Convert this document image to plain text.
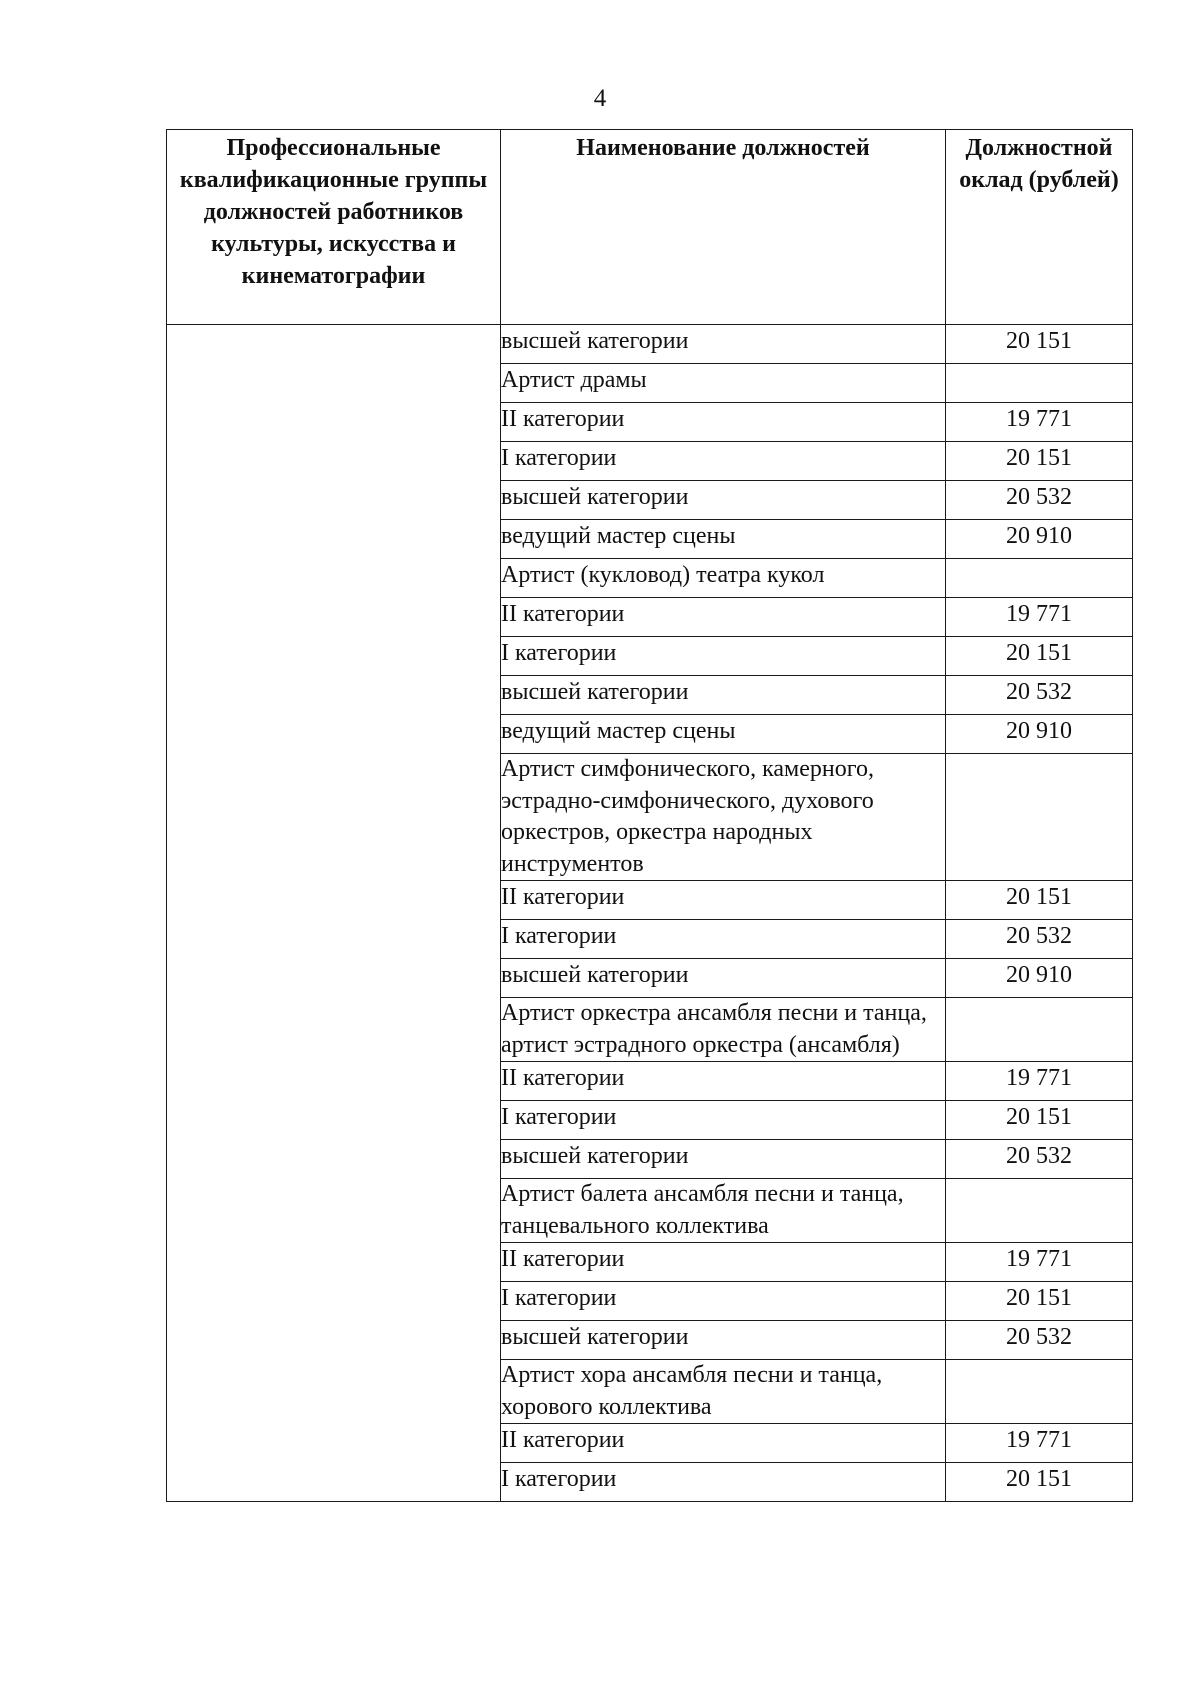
4
Профессиональные квалификационные группы должностей работников культуры, искусства и кинематографии	Наименование должностей	Должностной оклад (рублей)
	высшей категории	20 151
	Артист драмы	
	II категории	19 771
	I категории	20 151
	высшей категории	20 532
	ведущий мастер сцены	20 910
	Артист (кукловод) театра кукол	
	II категории	19 771
	I категории	20 151
	высшей категории	20 532
	ведущий мастер сцены	20 910
	Артист симфонического, камерного, эстрадно-симфонического, духового оркестров, оркестра народных инструментов	
	II категории	20 151
	I категории	20 532
	высшей категории	20 910
	Артист оркестра ансамбля песни и танца, артист эстрадного оркестра (ансамбля)	
	II категории	19 771
	I категории	20 151
	высшей категории	20 532
	Артист балета ансамбля песни и танца, танцевального коллектива	
	II категории	19 771
	I категории	20 151
	высшей категории	20 532
	Артист хора ансамбля песни и танца, хорового коллектива	
	II категории	19 771
	I категории	20 151
